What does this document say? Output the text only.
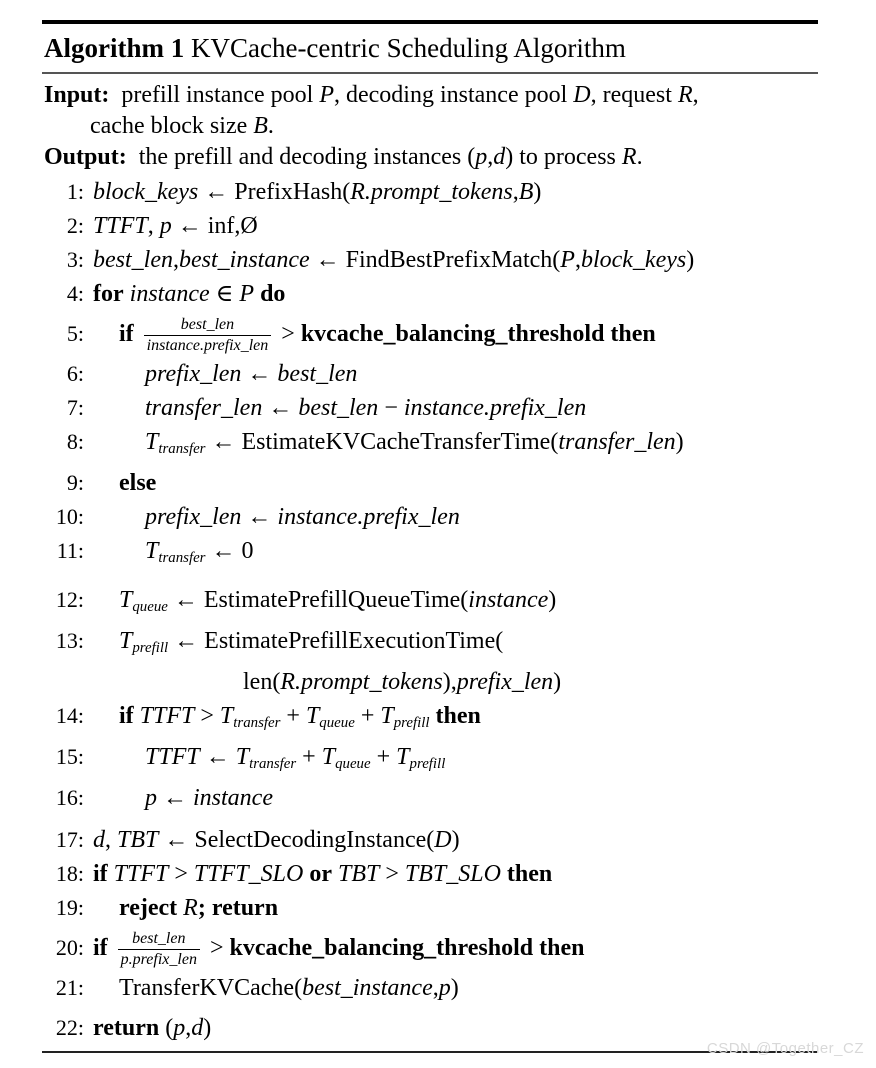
Algorithm 1 KVCache-centric Scheduling Algorithm
Input: prefill instance pool P, decoding instance pool D, request R,
cache block size B.
Output: the prefill and decoding instances (p,d) to process R.
1: block_keys ← PrefixHash(R.prompt_tokens,B)
2: TTFT, p ← inf,Ø
3: best_len,best_instance ← FindBestPrefixMatch(P,block_keys)
4: for instance ∈ P do
5:	if $\frac{\text{best\_len}}{\text{instance.prefix\_len}}$ > kvcache_balancing_threshold then
6:	prefix_len ← best_len
7:	transfer_len ← best_len − instance.prefix_len
8:	$T_{transfer}$ ← EstimateKVCacheTransferTime(transfer_len)
9:	else
10:	prefix_len ← instance.prefix_len
11:	$T_{transfer}$ ← 0
12:	$T_{queue}$ ← EstimatePrefillQueueTime(instance)
13:	$T_{prefill}$ ← EstimatePrefillExecutionTime(
len(R.prompt_tokens),prefix_len)
14:	if TTFT > $T_{transfer} + T_{queue} + T_{prefill}$ then
15:	TTFT ← $T_{transfer} + T_{queue} + T_{prefill}$
16:	p ← instance
17: d, TBT ← SelectDecodingInstance(D)
18: if TTFT > TTFT_SLO or TBT > TBT_SLO then
19:	reject R; return
20: if $\frac{\text{best\_len}}{\text{p.prefix\_len}}$ > kvcache_balancing_threshold then
21:	TransferKVCache(best_instance,p)
22: return (p,d)
CSDN @Together_CZ
